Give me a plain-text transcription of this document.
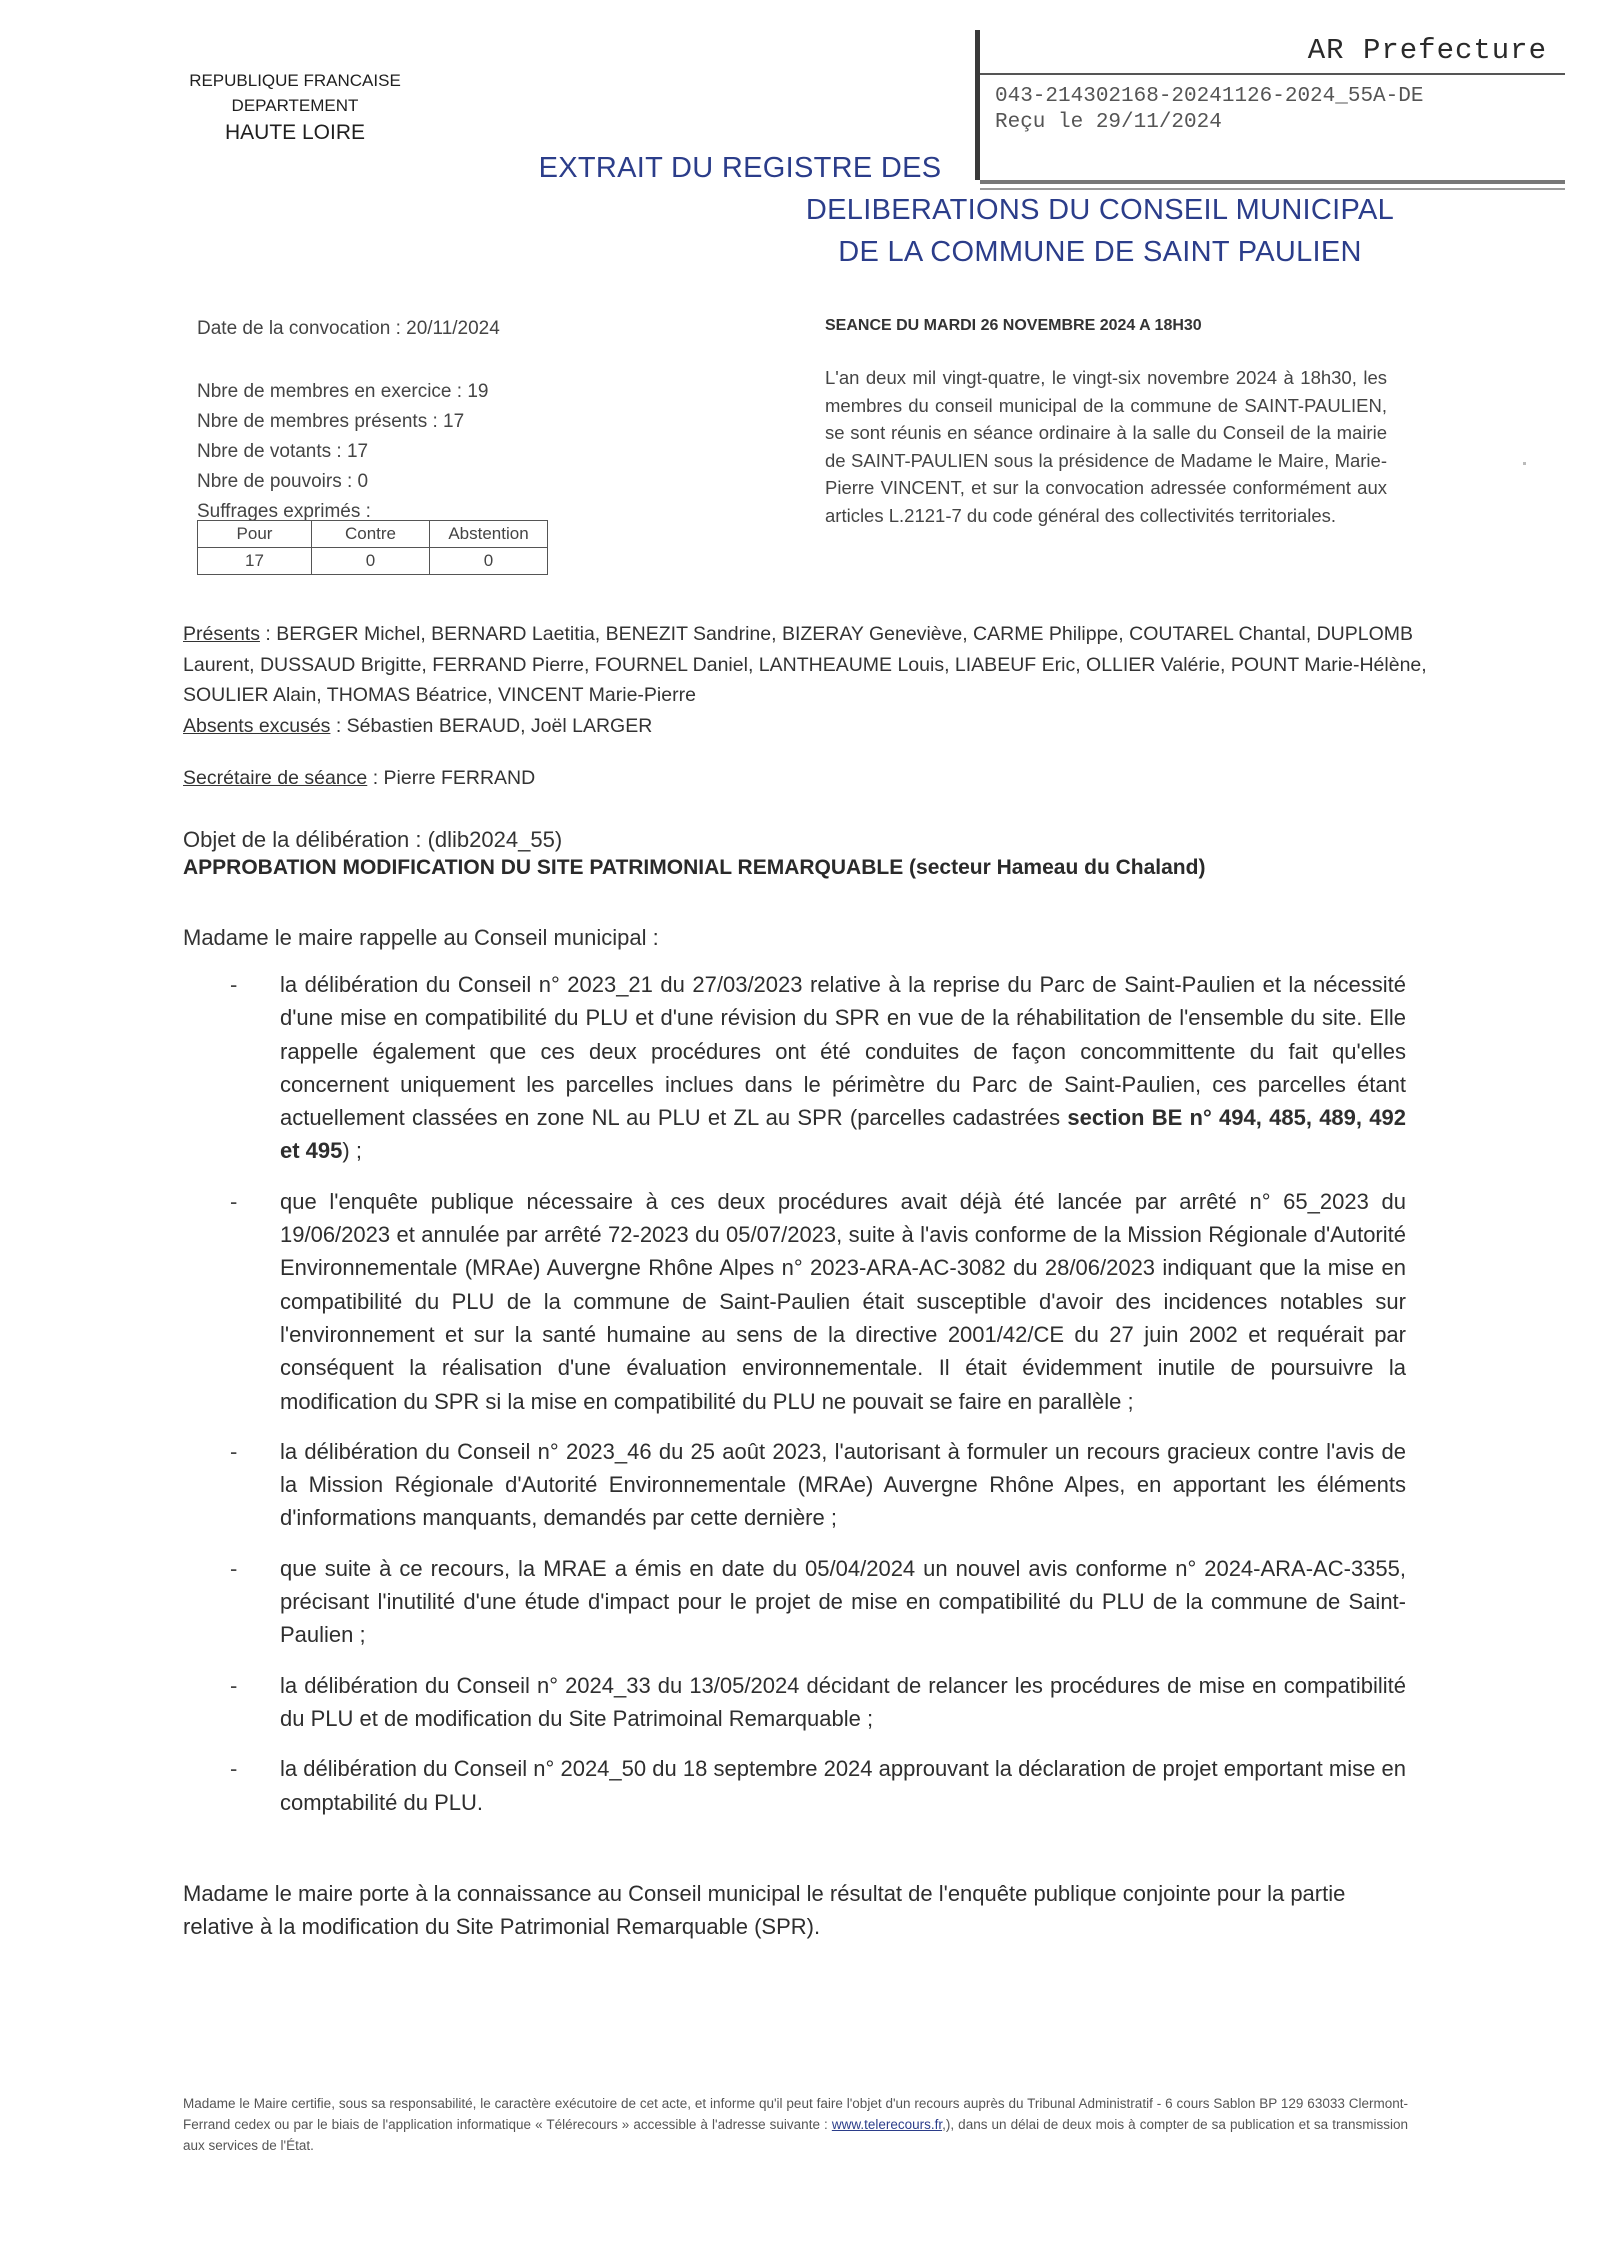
REPUBLIQUE FRANCAISE
DEPARTEMENT
HAUTE LOIRE
AR Prefecture
043-214302168-20241126-2024_55A-DE
Reçu le 29/11/2024
EXTRAIT DU REGISTRE DES
DELIBERATIONS DU CONSEIL MUNICIPAL
DE LA COMMUNE DE SAINT PAULIEN
Date de la convocation : 20/11/2024
Nbre de membres en exercice : 19
Nbre de membres présents : 17
Nbre de votants : 17
Nbre de pouvoirs : 0
Suffrages exprimés :
Pour	Contre	Abstention
17	0	0
SEANCE DU MARDI 26 NOVEMBRE 2024 A 18H30
L'an deux mil vingt-quatre, le vingt-six novembre 2024 à 18h30, les membres du conseil municipal de la commune de SAINT-PAULIEN, se sont réunis en séance ordinaire à la salle du Conseil de la mairie de SAINT-PAULIEN sous la présidence de Madame le Maire, Marie-Pierre VINCENT, et sur la convocation adressée conformément aux articles L.2121-7 du code général des collectivités territoriales.
Présents : BERGER Michel, BERNARD Laetitia, BENEZIT Sandrine, BIZERAY Geneviève, CARME Philippe, COUTAREL Chantal, DUPLOMB Laurent, DUSSAUD Brigitte, FERRAND Pierre, FOURNEL Daniel, LANTHEAUME Louis, LIABEUF Eric, OLLIER Valérie, POUNT Marie-Hélène, SOULIER Alain, THOMAS Béatrice, VINCENT Marie-Pierre
Absents excusés : Sébastien BERAUD, Joël LARGER
Secrétaire de séance : Pierre FERRAND
Objet de la délibération : (dlib2024_55)
APPROBATION MODIFICATION DU SITE PATRIMONIAL REMARQUABLE (secteur Hameau du Chaland)
Madame le maire rappelle au Conseil municipal :
- la délibération du Conseil n° 2023_21 du 27/03/2023 relative à la reprise du Parc de Saint-Paulien et la nécessité d'une mise en compatibilité du PLU et d'une révision du SPR en vue de la réhabilitation de l'ensemble du site. Elle rappelle également que ces deux procédures ont été conduites de façon concommittente du fait qu'elles concernent uniquement les parcelles inclues dans le périmètre du Parc de Saint-Paulien, ces parcelles étant actuellement classées en zone NL au PLU et ZL au SPR (parcelles cadastrées section BE n° 494, 485, 489, 492 et 495) ;
- que l'enquête publique nécessaire à ces deux procédures avait déjà été lancée par arrêté n° 65_2023 du 19/06/2023 et annulée par arrêté 72-2023 du 05/07/2023, suite à l'avis conforme de la Mission Régionale d'Autorité Environnementale (MRAe) Auvergne Rhône Alpes n° 2023-ARA-AC-3082 du 28/06/2023 indiquant que la mise en compatibilité du PLU de la commune de Saint-Paulien était susceptible d'avoir des incidences notables sur l'environnement et sur la santé humaine au sens de la directive 2001/42/CE du 27 juin 2002 et requérait par conséquent la réalisation d'une évaluation environnementale. Il était évidemment inutile de poursuivre la modification du SPR si la mise en compatibilité du PLU ne pouvait se faire en parallèle ;
- la délibération du Conseil n° 2023_46 du 25 août 2023, l'autorisant à formuler un recours gracieux contre l'avis de la Mission Régionale d'Autorité Environnementale (MRAe) Auvergne Rhône Alpes, en apportant les éléments d'informations manquants, demandés par cette dernière ;
- que suite à ce recours, la MRAE a émis en date du 05/04/2024 un nouvel avis conforme n° 2024-ARA-AC-3355, précisant l'inutilité d'une étude d'impact pour le projet de mise en compatibilité du PLU de la commune de Saint-Paulien ;
- la délibération du Conseil n° 2024_33 du 13/05/2024 décidant de relancer les procédures de mise en compatibilité du PLU et de modification du Site Patrimoinal Remarquable ;
- la délibération du Conseil n° 2024_50 du 18 septembre 2024 approuvant la déclaration de projet emportant mise en comptabilité du PLU.
Madame le maire porte à la connaissance au Conseil municipal le résultat de l'enquête publique conjointe pour la partie relative à la modification du Site Patrimonial Remarquable (SPR).
Madame le Maire certifie, sous sa responsabilité, le caractère exécutoire de cet acte, et informe qu'il peut faire l'objet d'un recours auprès du Tribunal Administratif - 6 cours Sablon BP 129 63033 Clermont-Ferrand cedex ou par le biais de l'application informatique « Télérecours » accessible à l'adresse suivante : www.telerecours.fr,), dans un délai de deux mois à compter de sa publication et sa transmission aux services de l'État.
